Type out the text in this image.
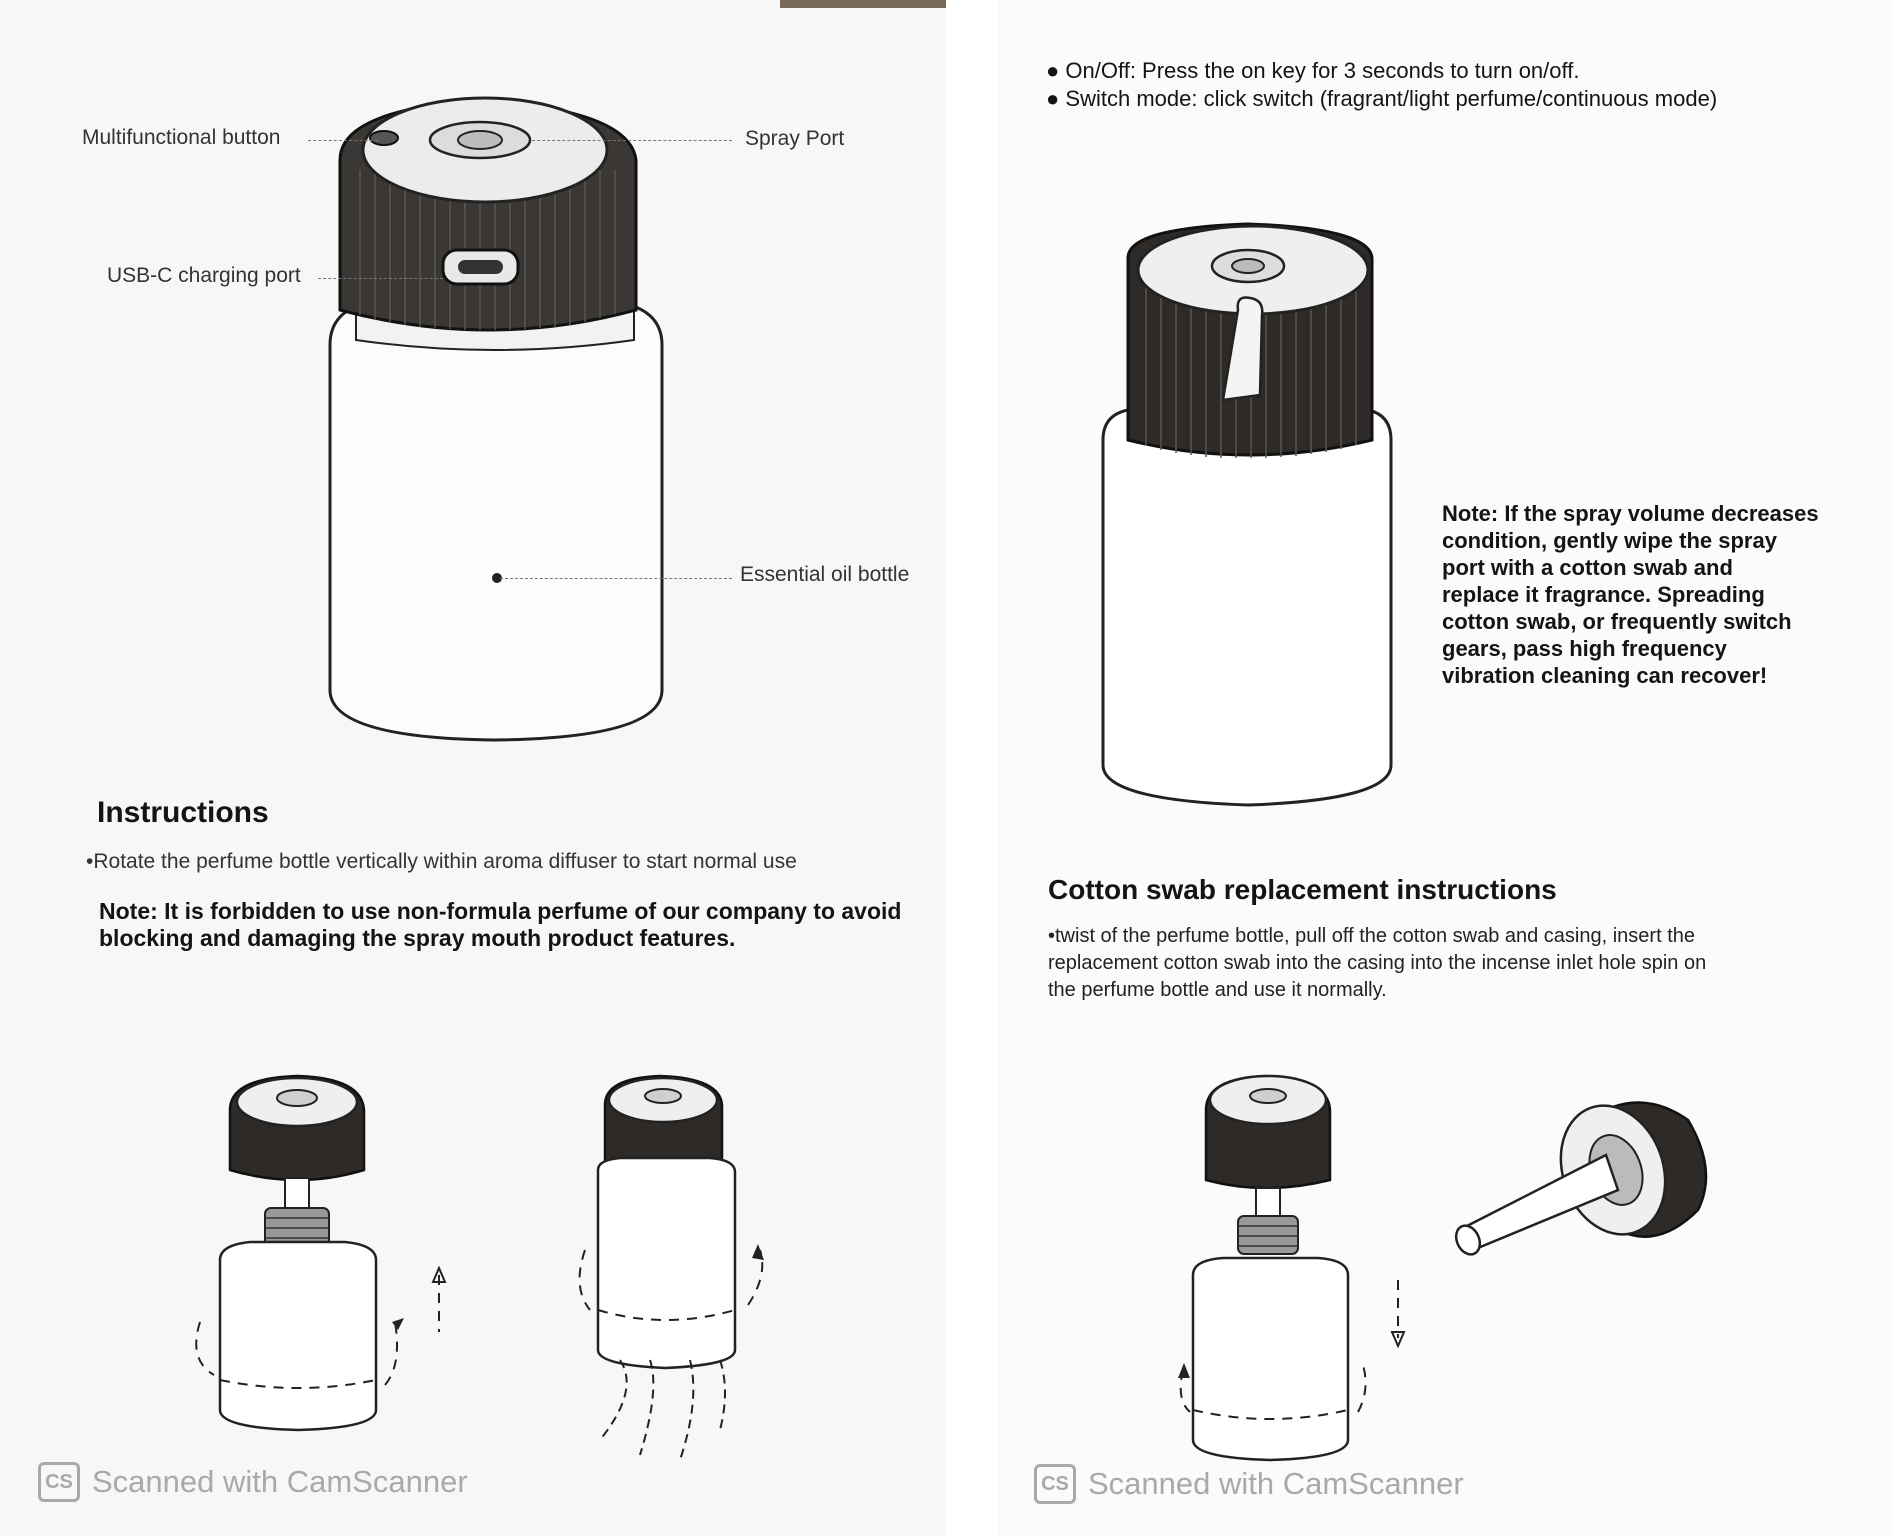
Multifunctional button	Spray Port
USB-C charging port
Essential oil bottle
Instructions
•Rotate the perfume bottle vertically within aroma diffuser to start normal use
Note: It is forbidden to use non-formula perfume of our company to avoid
blocking and damaging the spray mouth product features.
CS Scanned with CamScanner
● On/Off: Press the on key for 3 seconds to turn on/off.
● Switch mode: click switch (fragrant/light perfume/continuous mode)
Note: If the spray volume decreases
condition, gently wipe the spray
port with a cotton swab and
replace it fragrance. Spreading
cotton swab, or frequently switch
gears, pass high frequency
vibration cleaning can recover!
Cotton swab replacement instructions
•twist of the perfume bottle, pull off the cotton swab and casing, insert the
replacement cotton swab into the casing into the incense inlet hole spin on
the perfume bottle and use it normally.
CS Scanned with CamScanner
